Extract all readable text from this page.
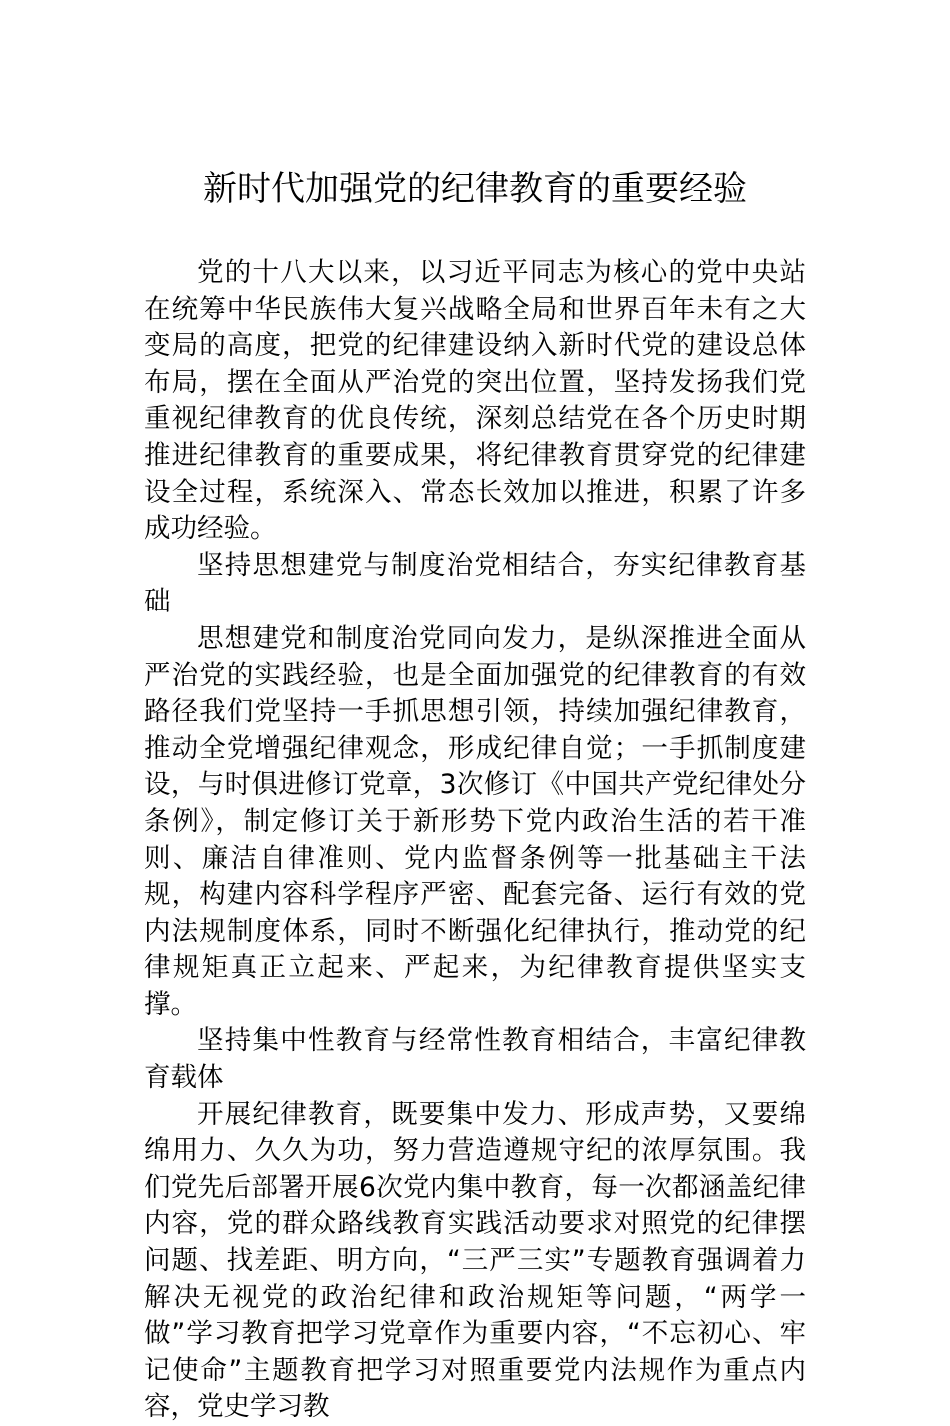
新时代加强党的纪律教育的重要经验

党的十八大以来，以习近平同志为核心的党中央站在统筹中华民族伟大复兴战略全局和世界百年未有之大变局的高度，把党的纪律建设纳入新时代党的建设总体布局，摆在全面从严治党的突出位置，坚持发扬我们党重视纪律教育的优良传统，深刻总结党在各个历史时期推进纪律教育的重要成果，将纪律教育贯穿党的纪律建设全过程，系统深入、常态长效加以推进，积累了许多成功经验。

坚持思想建党与制度治党相结合，夯实纪律教育基础

思想建党和制度治党同向发力，是纵深推进全面从严治党的实践经验，也是全面加强党的纪律教育的有效路径我们党坚持一手抓思想引领，持续加强纪律教育，推动全党增强纪律观念，形成纪律自觉；一手抓制度建设，与时俱进修订党章，3次修订《中国共产党纪律处分条例》，制定修订关于新形势下党内政治生活的若干准则、廉洁自律准则、党内监督条例等一批基础主干法规，构建内容科学程序严密、配套完备、运行有效的党内法规制度体系，同时不断强化纪律执行，推动党的纪律规矩真正立起来、严起来，为纪律教育提供坚实支撑。

坚持集中性教育与经常性教育相结合，丰富纪律教育载体

开展纪律教育，既要集中发力、形成声势，又要绵绵用力、久久为功，努力营造遵规守纪的浓厚氛围。我们党先后部署开展6次党内集中教育，每一次都涵盖纪律内容，党的群众路线教育实践活动要求对照党的纪律摆问题、找差距、明方向，“三严三实”专题教育强调着力解决无视党的政治纪律和政治规矩等问题，“两学一做”学习教育把学习党章作为重要内容，“不忘初心、牢记使命”主题教育把学习对照重要党内法规作为重点内容，党史学习教
